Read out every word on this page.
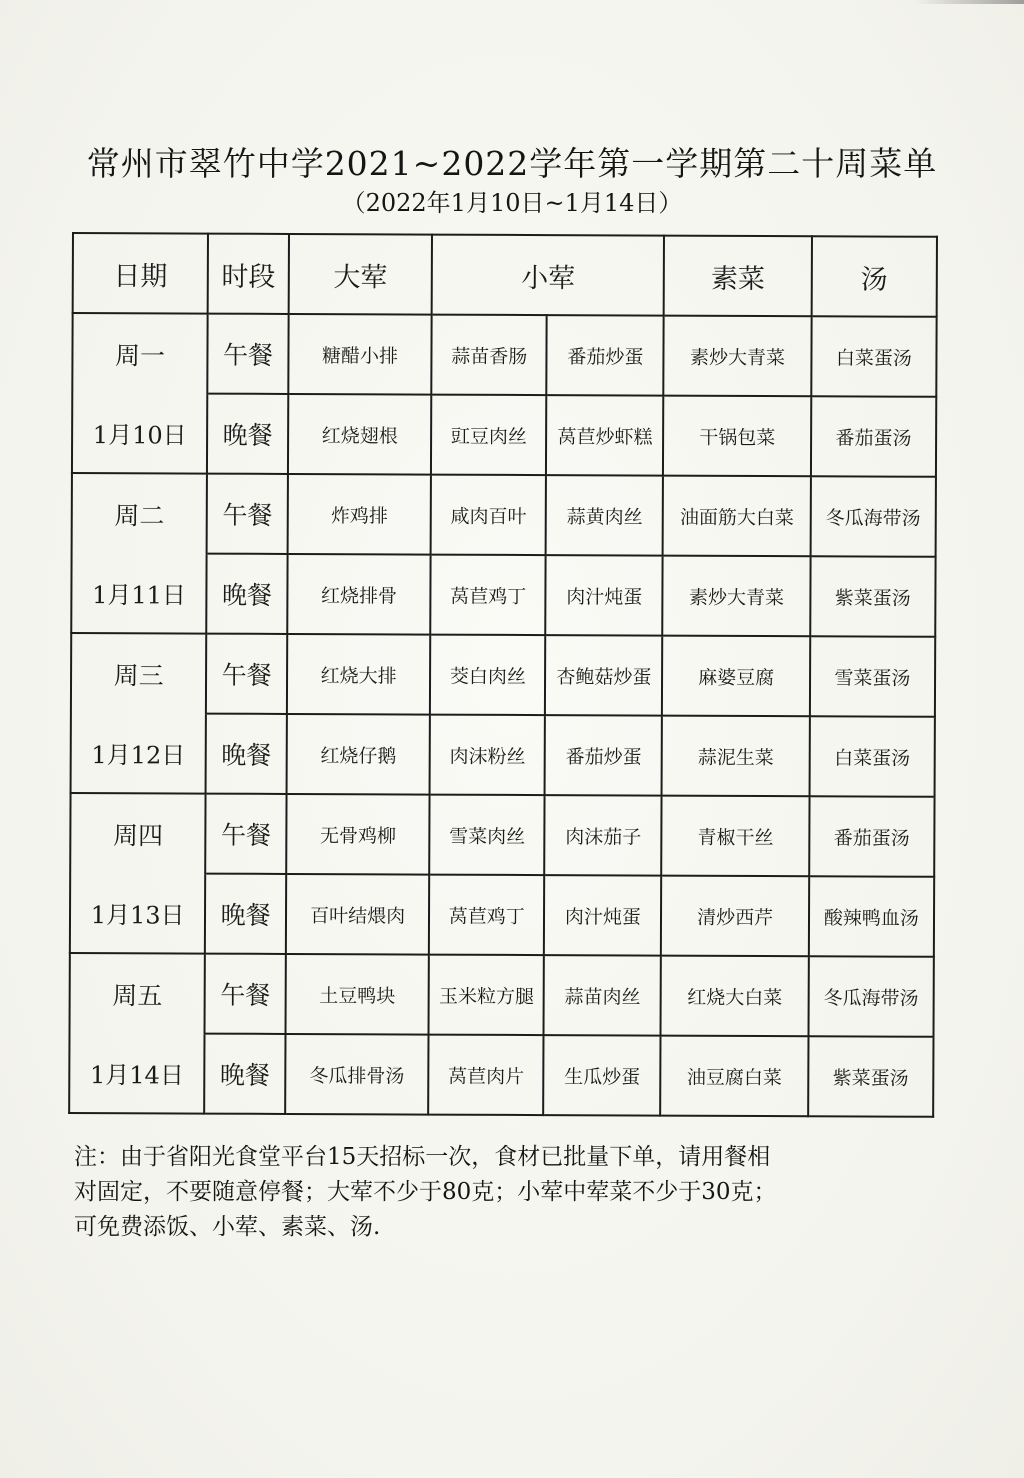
常州市翠竹中学2021~2022学年第一学期第二十周菜单
（2022年1月10日~1月14日）
日期	时段	大荤	小荤		素菜	汤
周一	午餐	糖醋小排	蒜苗香肠	番茄炒蛋	素炒大青菜	白菜蛋汤
1月10日	晚餐	红烧翅根	豇豆肉丝	莴苣炒虾糕	干锅包菜	番茄蛋汤
周二	午餐	炸鸡排	咸肉百叶	蒜黄肉丝	油面筋大白菜	冬瓜海带汤
1月11日	晚餐	红烧排骨	莴苣鸡丁	肉汁炖蛋	素炒大青菜	紫菜蛋汤
周三	午餐	红烧大排	茭白肉丝	杏鲍菇炒蛋	麻婆豆腐	雪菜蛋汤
1月12日	晚餐	红烧仔鹅	肉沫粉丝	番茄炒蛋	蒜泥生菜	白菜蛋汤
周四	午餐	无骨鸡柳	雪菜肉丝	肉沫茄子	青椒干丝	番茄蛋汤
1月13日	晚餐	百叶结煨肉	莴苣鸡丁	肉汁炖蛋	清炒西芹	酸辣鸭血汤
周五	午餐	土豆鸭块	玉米粒方腿	蒜苗肉丝	红烧大白菜	冬瓜海带汤
1月14日	晚餐	冬瓜排骨汤	莴苣肉片	生瓜炒蛋	油豆腐白菜	紫菜蛋汤

注：由于省阳光食堂平台15天招标一次，食材已批量下单，请用餐相

对固定，不要随意停餐；大荤不少于80克；小荤中荤菜不少于30克；

可免费添饭、小荤、素菜、汤.
